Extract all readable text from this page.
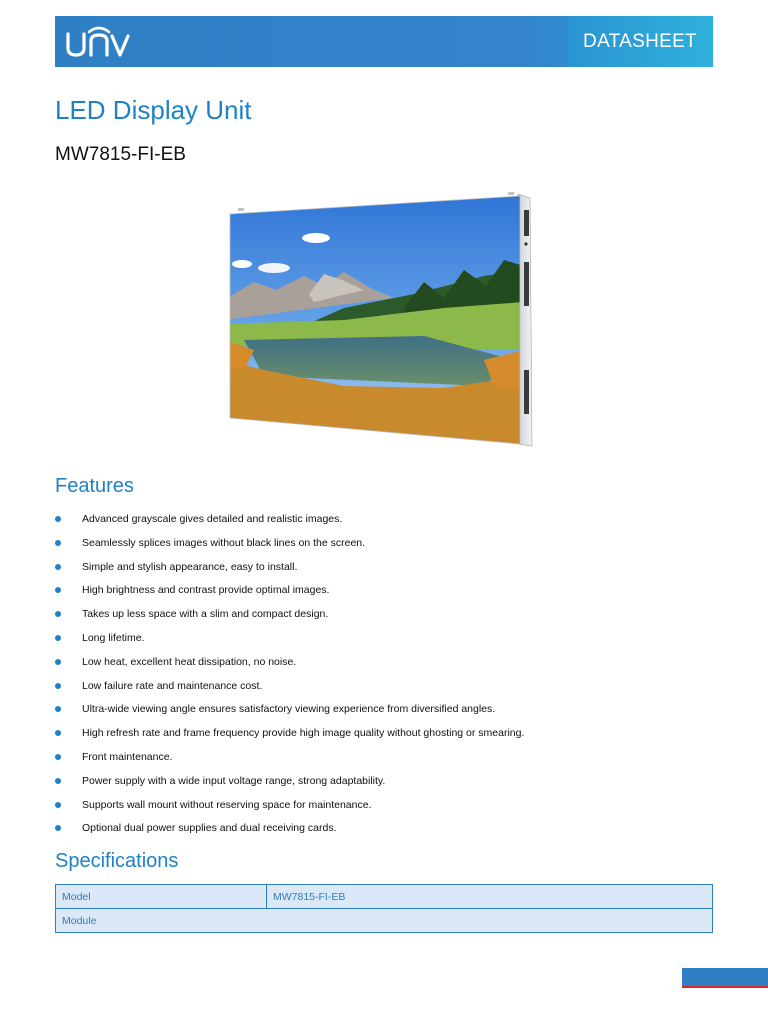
DATASHEET
LED Display Unit
MW7815-FI-EB
Features
Advanced grayscale gives detailed and realistic images.
Seamlessly splices images without black lines on the screen.
Simple and stylish appearance, easy to install.
High brightness and contrast provide optimal images.
Takes up less space with a slim and compact design.
Long lifetime.
Low heat, excellent heat dissipation, no noise.
Low failure rate and maintenance cost.
Ultra-wide viewing angle ensures satisfactory viewing experience from diversified angles.
High refresh rate and frame frequency provide high image quality without ghosting or smearing.
Front maintenance.
Power supply with a wide input voltage range, strong adaptability.
Supports wall mount without reserving space for maintenance.
Optional dual power supplies and dual receiving cards.
Specifications
Model	MW7815-FI-EB
Module
